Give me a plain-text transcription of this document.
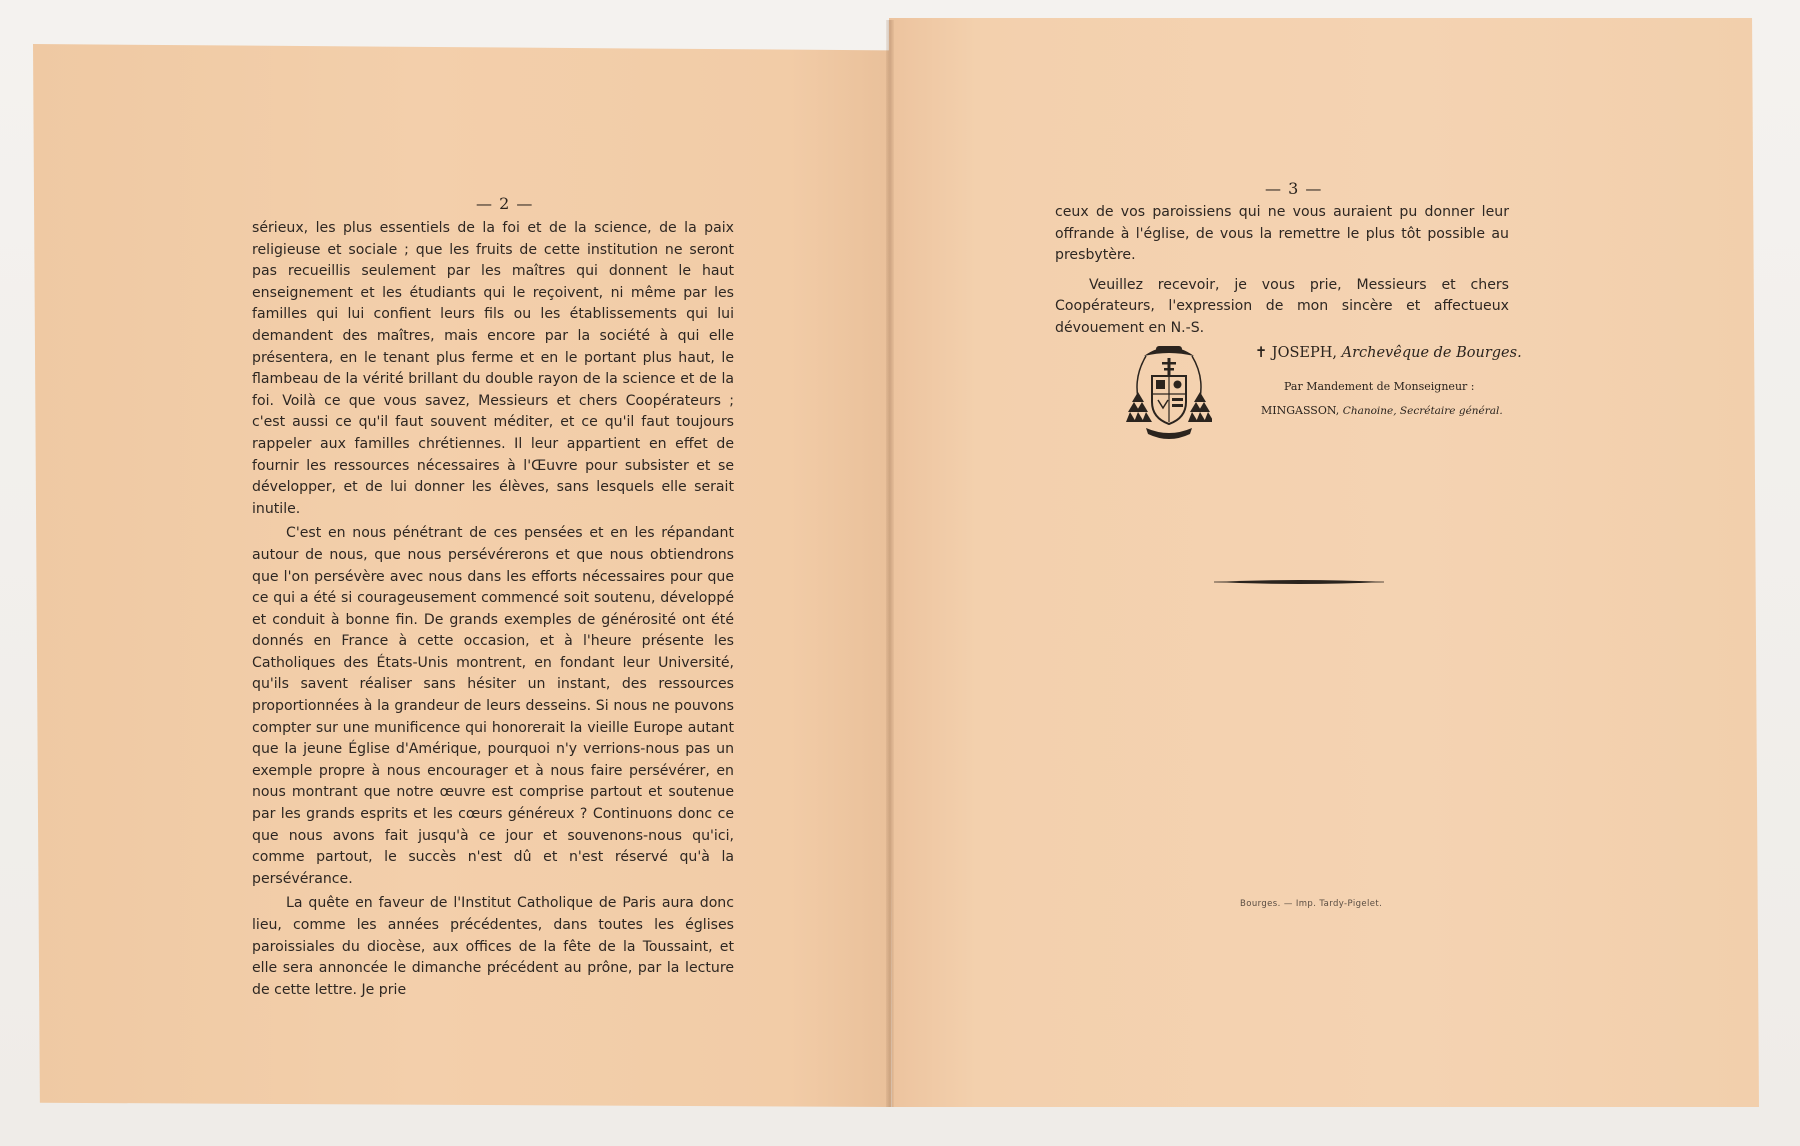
— 2 —

sérieux, les plus essentiels de la foi et de la science, de la paix religieuse et sociale ; que les fruits de cette institution ne seront pas recueillis seulement par les maîtres qui donnent le haut enseignement et les étudiants qui le reçoivent, ni même par les familles qui lui confient leurs fils ou les établissements qui lui demandent des maîtres, mais encore par la société à qui elle présentera, en le tenant plus ferme et en le portant plus haut, le flambeau de la vérité brillant du double rayon de la science et de la foi. Voilà ce que vous savez, Messieurs et chers Coopérateurs ; c'est aussi ce qu'il faut souvent méditer, et ce qu'il faut toujours rappeler aux familles chrétiennes. Il leur appartient en effet de fournir les ressources nécessaires à l'Œuvre pour subsister et se développer, et de lui donner les élèves, sans lesquels elle serait inutile.

C'est en nous pénétrant de ces pensées et en les répandant autour de nous, que nous persévérerons et que nous obtiendrons que l'on persévère avec nous dans les efforts nécessaires pour que ce qui a été si courageusement commencé soit soutenu, développé et conduit à bonne fin. De grands exemples de générosité ont été donnés en France à cette occasion, et à l'heure présente les Catholiques des États-Unis montrent, en fondant leur Université, qu'ils savent réaliser sans hésiter un instant, des ressources proportionnées à la grandeur de leurs desseins. Si nous ne pouvons compter sur une munificence qui honorerait la vieille Europe autant que la jeune Église d'Amérique, pourquoi n'y verrions-nous pas un exemple propre à nous encourager et à nous faire persévérer, en nous montrant que notre œuvre est comprise partout et soutenue par les grands esprits et les cœurs généreux ? Continuons donc ce que nous avons fait jusqu'à ce jour et souvenons-nous qu'ici, comme partout, le succès n'est dû et n'est réservé qu'à la persévérance.

La quête en faveur de l'Institut Catholique de Paris aura donc lieu, comme les années précédentes, dans toutes les églises paroissiales du diocèse, aux offices de la fête de la Toussaint, et elle sera annoncée le dimanche précédent au prône, par la lecture de cette lettre. Je prie

— 3 —

ceux de vos paroissiens qui ne vous auraient pu donner leur offrande à l'église, de vous la remettre le plus tôt possible au presbytère.

Veuillez recevoir, je vous prie, Messieurs et chers Coopérateurs, l'expression de mon sincère et affectueux dévouement en N.-S.

✝ JOSEPH, Archevêque de Bourges.
Par Mandement de Monseigneur :
MINGASSON, Chanoine, Secrétaire général.
Bourges. — Imp. Tardy-Pigelet.
